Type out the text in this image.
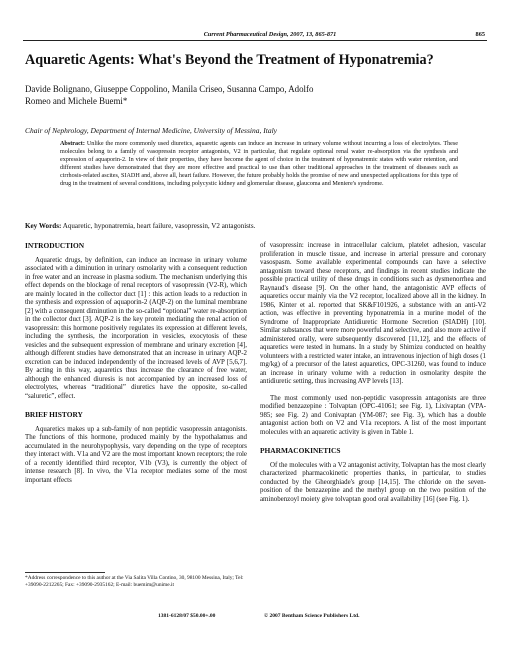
Current Pharmaceutical Design, 2007, 13, 865-871	865
Aquaretic Agents: What's Beyond the Treatment of Hyponatremia?
Davide Bolignano, Giuseppe Coppolino, Manila Criseo, Susanna Campo, Adolfo Romeo and Michele Buemi*
Chair of Nephrology, Department of Internal Medicine, University of Messina, Italy
Abstract: Unlike the more commonly used diuretics, aquaretic agents can induce an increase in urinary volume without incurring a loss of electrolytes. These molecules belong to a family of vasopressin receptor antagonists, V2 in particular, that regulate optional renal water re-absorption via the synthesis and expression of aquaporin-2. In view of their properties, they have become the agent of choice in the treatment of hyponatremic states with water retention, and different studies have demonstrated that they are more effective and practical to use than other traditional approaches in the treatment of diseases such as cirrhosis-related ascites, SIADH and, above all, heart failure. However, the future probably holds the promise of new and unexpected applications for this type of drug in the treatment of several conditions, including polycystic kidney and glomerular disease, glaucoma and Meniere's syndrome.
Key Words: Aquaretic, hyponatremia, heart failure, vasopressin, V2 antagonists.
INTRODUCTION

Aquaretic drugs, by definition, can induce an increase in urinary volume associated with a diminution in urinary osmolarity with a consequent reduction in free water and an increase in plasma sodium. The mechanism underlying this effect depends on the blockage of renal receptors of vasopressin (V2-R), which are mainly located in the collector duct [1] : this action leads to a reduction in the synthesis and expression of aquaporin-2 (AQP-2) on the luminal membrane [2] with a consequent diminution in the so-called “optional” water re-absorption in the collector duct [3]. AQP-2 is the key protein mediating the renal action of vasopressin: this hormone positively regulates its expression at different levels, including the synthesis, the incorporation in vesicles, exocytosis of these vesicles and the subsequent expression of membrane and urinary excretion [4], although different studies have demonstrated that an increase in urinary AQP-2 excretion can be induced independently of the increased levels of AVP [5,6,7]. By acting in this way, aquaretics thus increase the clearance of free water, although the enhanced diuresis is not accompanied by an increased loss of electrolytes, whereas “traditional” diuretics have the opposite, so-called “saluretic”, effect.

BRIEF HISTORY

Aquaretics makes up a sub-family of non peptidic vasopressin antagonists. The functions of this hormone, produced mainly by the hypothalamus and accumulated in the neurohypophysis, vary depending on the type of receptors they interact with. V1a and V2 are the most important known receptors; the role of a recently identified third receptor, V1b (V3), is currently the object of intense research [8]. In vivo, the V1a receptor mediates some of the most important effects

of vasopressin: increase in intracellular calcium, platelet adhesion, vascular proliferation in muscle tissue, and increase in arterial pressure and coronary vasospasm. Some available experimental compounds can have a selective antagonism toward these receptors, and findings in recent studies indicate the possible practical utility of these drugs in conditions such as dysmenorrhea and Raynaud's disease [9]. On the other hand, the antagonistic AVP effects of aquaretics occur mainly via the V2 receptor, localized above all in the kidney. In 1986, Kinter et al. reported that SK&F101926, a substance with an anti-V2 action, was effective in preventing hyponatremia in a murine model of the Syndrome of Inappropriate Antidiuretic Hormone Secretion (SIADH) [10]. Similar substances that were more powerful and selective, and also more active if administered orally, were subsequently discovered [11,12], and the effects of aquaretics were tested in humans. In a study by Shimizu conducted on healthy volunteers with a restricted water intake, an intravenous injection of high doses (1 mg/kg) of a precursor of the latest aquaretics, OPC-31260, was found to induce an increase in urinary volume with a reduction in osmolarity despite the antidiuretic setting, thus increasing AVP levels [13].

The most commonly used non-peptidic vasopressin antagonists are three modified benzazepine : Tolvaptan (OPC-41061; see Fig. 1), Lixivaptan (VPA-985; see Fig. 2) and Conivaptan (YM-087; see Fig. 3), which has a double antagonist action both on V2 and V1a receptors. A list of the most important molecules with an aquaretic activity is given in Table 1.

PHARMACOKINETICS

Of the molecules with a V2 antagonist activity, Tolvaptan has the most clearly characterized pharmacokinetic properties thanks, in particular, to studies conducted by the Gheorghiade's group [14,15]. The chloride on the seven-position of the benzazepine and the methyl group on the two position of the aminobenzoyl moiety give tolvaptan good oral availability [16] (see Fig. 1).

*Address correspondence to this author at the Via Salita Villa Contino, 30, 98100 Messina, Italy; Tel: +39090-2212265; Fax: +39090-2935162; E-mail: buemim@unime.it
1381-6128/07 $50.00+.00	© 2007 Bentham Science Publishers Ltd.
